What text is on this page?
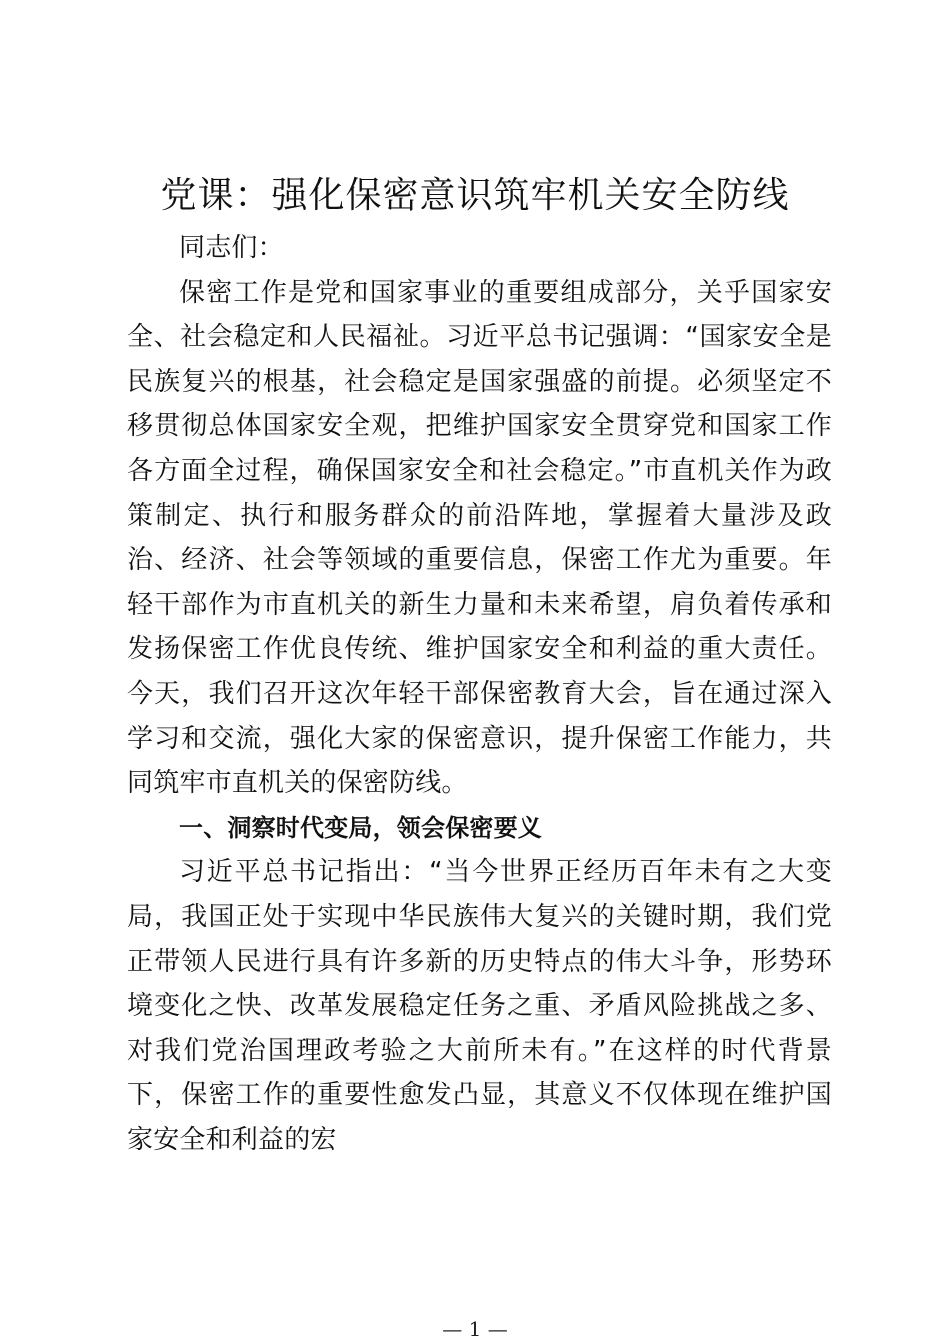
党课：强化保密意识筑牢机关安全防线

同志们：

保密工作是党和国家事业的重要组成部分，关乎国家安全、社会稳定和人民福祉。习近平总书记强调：“国家安全是民族复兴的根基，社会稳定是国家强盛的前提。必须坚定不移贯彻总体国家安全观，把维护国家安全贯穿党和国家工作各方面全过程，确保国家安全和社会稳定。”市直机关作为政策制定、执行和服务群众的前沿阵地，掌握着大量涉及政治、经济、社会等领域的重要信息，保密工作尤为重要。年轻干部作为市直机关的新生力量和未来希望，肩负着传承和发扬保密工作优良传统、维护国家安全和利益的重大责任。今天，我们召开这次年轻干部保密教育大会，旨在通过深入学习和交流，强化大家的保密意识，提升保密工作能力，共同筑牢市直机关的保密防线。

一、洞察时代变局，领会保密要义

习近平总书记指出：“当今世界正经历百年未有之大变局，我国正处于实现中华民族伟大复兴的关键时期，我们党正带领人民进行具有许多新的历史特点的伟大斗争，形势环境变化之快、改革发展稳定任务之重、矛盾风险挑战之多、对我们党治国理政考验之大前所未有。”在这样的时代背景下，保密工作的重要性愈发凸显，其意义不仅体现在维护国家安全和利益的宏

— 1 —
